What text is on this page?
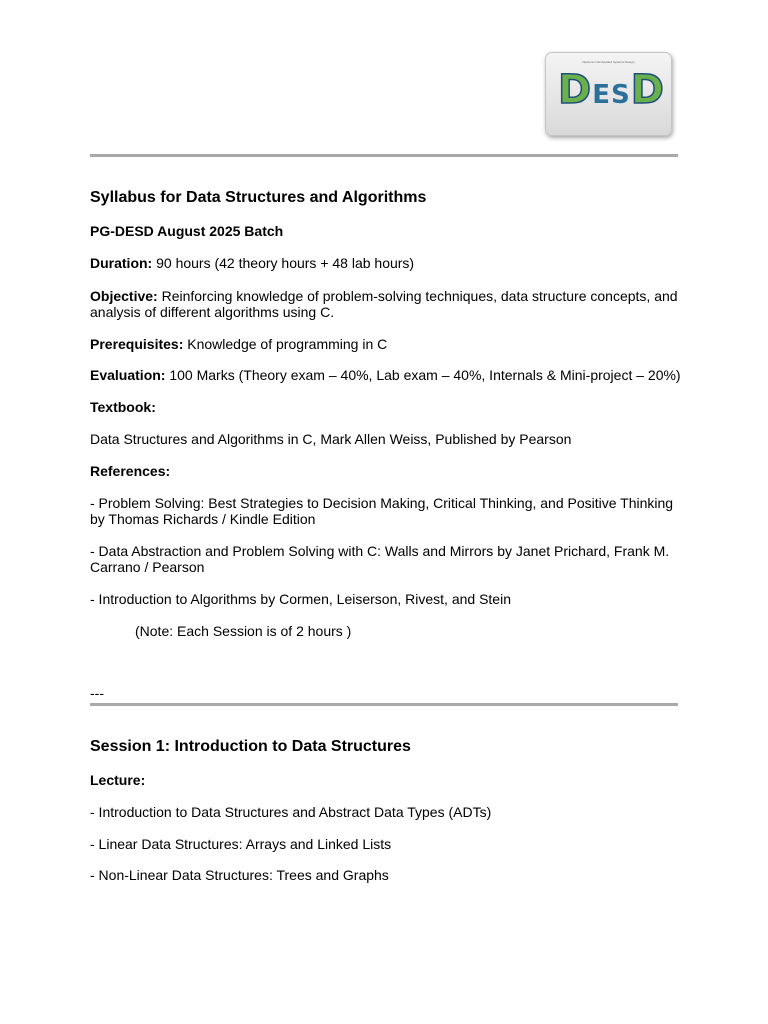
Diploma in Embedded Systems Design
DESD
Syllabus for Data Structures and Algorithms
PG-DESD August 2025 Batch
Duration: 90 hours (42 theory hours + 48 lab hours)
Objective: Reinforcing knowledge of problem-solving techniques, data structure concepts, and
analysis of different algorithms using C.
Prerequisites: Knowledge of programming in C
Evaluation: 100 Marks (Theory exam – 40%, Lab exam – 40%, Internals & Mini-project – 20%)
Textbook:
Data Structures and Algorithms in C, Mark Allen Weiss, Published by Pearson
References:
- Problem Solving: Best Strategies to Decision Making, Critical Thinking, and Positive Thinking
by Thomas Richards / Kindle Edition
- Data Abstraction and Problem Solving with C: Walls and Mirrors by Janet Prichard, Frank M.
Carrano / Pearson
- Introduction to Algorithms by Cormen, Leiserson, Rivest, and Stein
(Note: Each Session is of 2 hours )
---
Session 1: Introduction to Data Structures
Lecture:
- Introduction to Data Structures and Abstract Data Types (ADTs)
- Linear Data Structures: Arrays and Linked Lists
- Non-Linear Data Structures: Trees and Graphs
